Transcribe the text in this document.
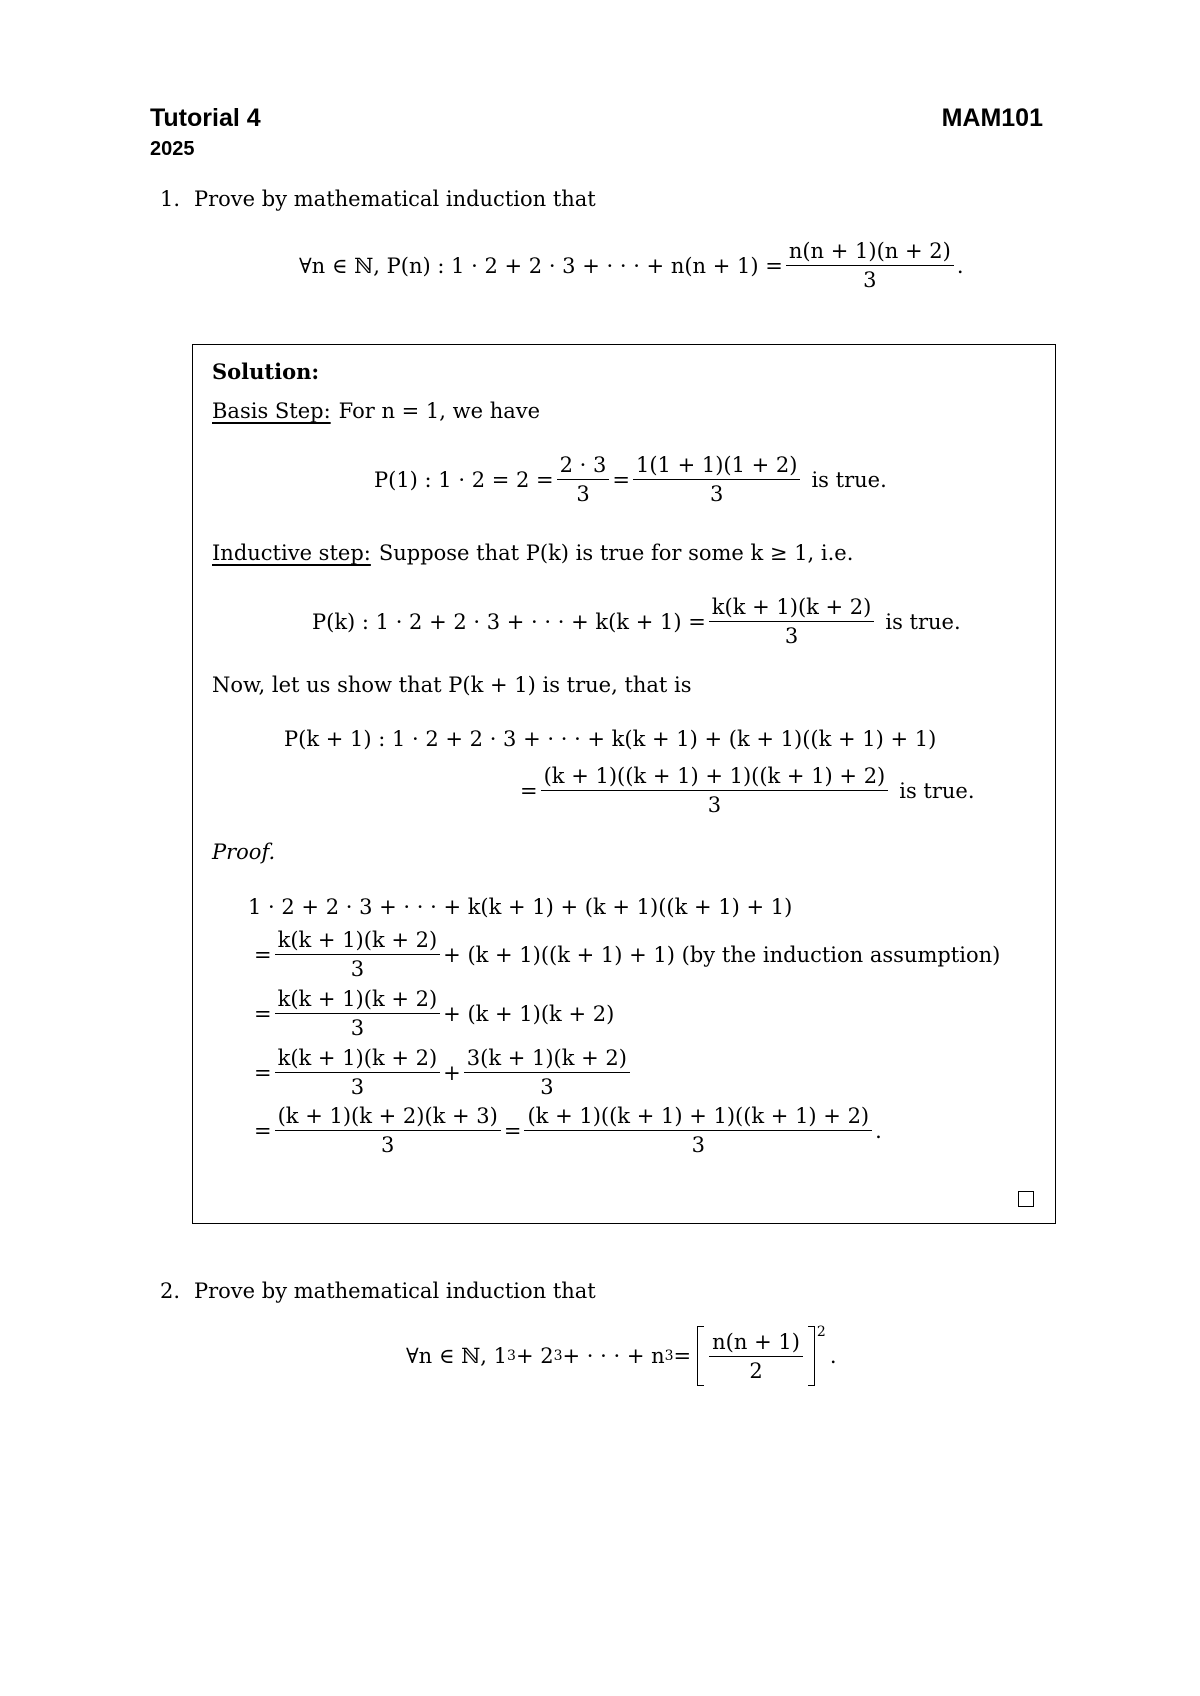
Tutorial 4	MAM101
2025
1. Prove by mathematical induction that
∀n ∈ ℕ, P(n) : 1 · 2 + 2 · 3 + · · · + $n(n + 1) = \frac{n(n + 1)(n + 2)}{3}$ .
Solution:
Basis Step: For n = 1, we have
P(1) : $1 \cdot 2 = 2 = \frac{2 \cdot 3}{3} = \frac{1(1 + 1)(1 + 2)}{3}$ is true.
Inductive step: Suppose that P(k) is true for some k ≥ 1, i.e.
P(k) : 1 · 2 + 2 · 3 + · · · + $k(k + 1) = \frac{k(k + 1)(k + 2)}{3}$ is true.
Now, let us show that P(k + 1) is true, that is
P(k + 1) : 1 · 2 + 2 · 3 + · · · + k(k + 1) + (k + 1)((k + 1) + 1)
= $\frac{(k + 1)((k + 1) + 1)((k + 1) + 2)}{3}$ is true.
Proof.
1 · 2 + 2 · 3 + · · · + k(k + 1) + (k + 1)((k + 1) + 1)
= $\frac{k(k + 1)(k + 2)}{3} + (k + 1)((k + 1) + 1)$ (by the induction assumption)
= $\frac{k(k + 1)(k + 2)}{3} + (k + 1)(k + 2)$
= $\frac{k(k + 1)(k + 2)}{3} + \frac{3(k + 1)(k + 2)}{3}$
= $\frac{(k + 1)(k + 2)(k + 3)}{3} = \frac{(k + 1)((k + 1) + 1)((k + 1) + 2)}{3}$ .
2. Prove by mathematical induction that
∀n ∈ ℕ, 1 3 + 2 3 + · · · + n $3 = \frac{n(n + 1)}{2} ^2$
.
